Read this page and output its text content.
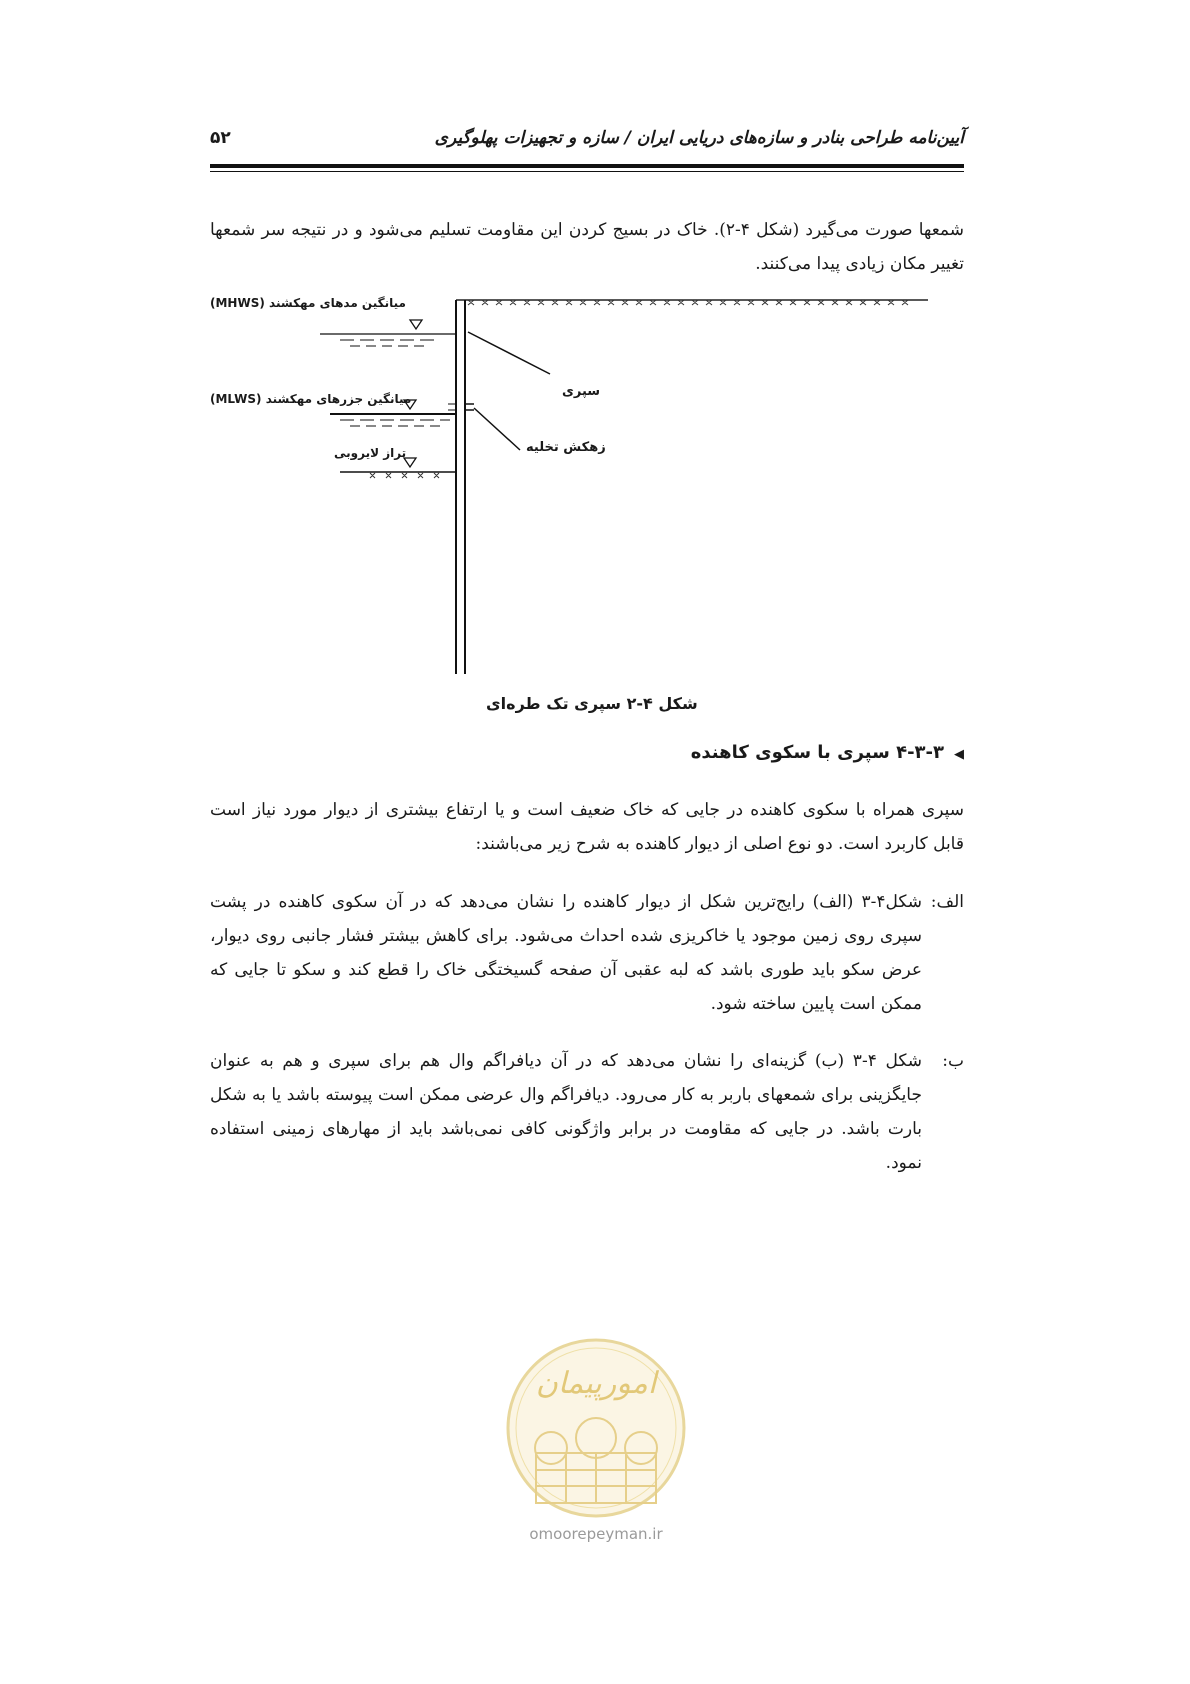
۵۲	آیین‌نامه طراحی بنادر و سازه‌های دریایی ایران / سازه و تجهیزات پهلوگیری

شمعها صورت می‌گیرد (شکل ۴-۲). خاک در بسیج کردن این مقاومت تسلیم می‌شود و در نتیجه سر شمعها تغییر مکان زیادی پیدا می‌کنند.

میانگین مدهای مهکشند (MHWS)
میانگین جزرهای مهکشند (MLWS)
تراز لایروبی
سپری
زهکش تخلیه
شکل ۴-۲ سپری تک طره‌ای
◀۴-۳-۳ سپری با سکوی کاهنده

سپری همراه با سکوی کاهنده در جایی که خاک ضعیف است و یا ارتفاع بیشتری از دیوار مورد نیاز است قابل کاربرد است. دو نوع اصلی از دیوار کاهنده به شرح زیر می‌باشند:

الف:

شکل۴-۳ (الف) رایج‌ترین شکل از دیوار کاهنده را نشان می‌دهد که در آن سکوی کاهنده در پشت سپری روی زمین موجود یا خاکریزی شده احداث می‌شود. برای کاهش بیشتر فشار جانبی روی دیوار، عرض سکو باید طوری باشد که لبه عقبی آن صفحه گسیختگی خاک را قطع کند و سکو تا جایی که ممکن است پایین ساخته شود.

ب:

شکل ۴-۳ (ب) گزینه‌ای را نشان می‌دهد که در آن دیافراگم وال هم برای سپری و هم به عنوان جایگزینی برای شمعهای باربر به کار می‌رود. دیافراگم وال عرضی ممکن است پیوسته باشد یا به شکل بارت باشد. در جایی که مقاومت در برابر واژگونی کافی نمی‌باشد باید از مهارهای زمینی استفاده نمود.

امورپیمان
omoorepeyman.ir
